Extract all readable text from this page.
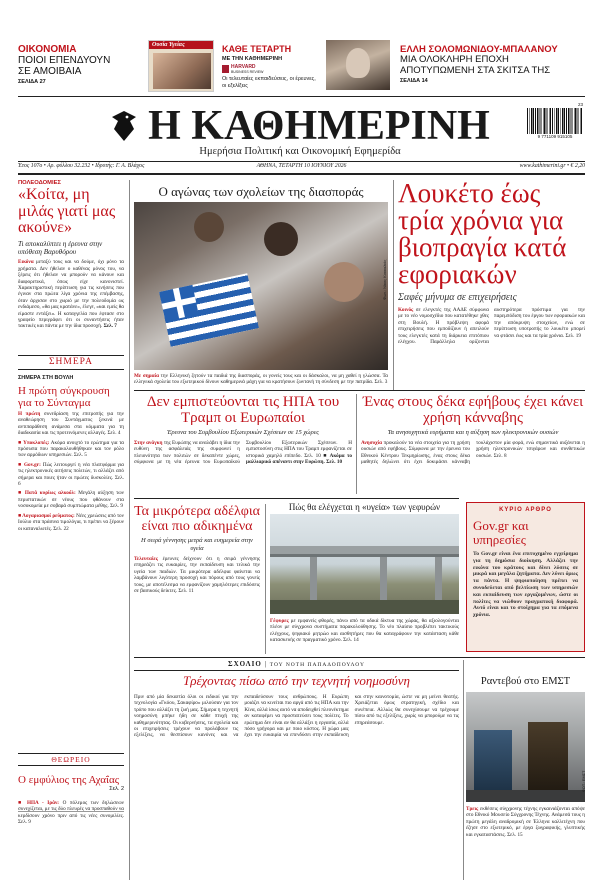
ΟΙΚΟΝΟΜΙΑ
ΠΟΙΟΙ ΕΠΕΝΔΥΟΥΝ ΣΕ ΑΜΟΙΒΑΙΑ
ΣΕΛΙΔΑ 27
Ουσία Υγείας	ΚΑΘΕ ΤΕΤΑΡΤΗ
ΜΕ ΤΗΝ ΚΑΘΗΜΕΡΙΝΗ
HARVARD
BUSINESS REVIEW
Οι τελευταίες εκπαιδεύσεις, οι έρευνες, οι εξελίξεις
ΕΛΛΗ ΣΟΛΟΜΩΝΙΔΟΥ-ΜΠΑΛΑΝΟΥ
ΜΙΑ ΟΛΟΚΛΗΡΗ ΕΠΟΧΗ ΑΠΟΤΥΠΩΜΕΝΗ ΣΤΑ ΣΚΙΤΣΑ ΤΗΣ
ΣΕΛΙΔΑ 14
Η ΚΑΘΗΜΕΡΙΝΗ	9 771109 915105
23
Ημερήσια Πολιτική και Οικονομική Εφημερίδα
Έτος 107ο • Αρ. φύλλου 32.232 • Ιδρυτής: Γ. Α. Βλάχος	ΑΘΗΝΑ, ΤΕΤΑΡΤΗ 10 ΙΟΥΝΙΟΥ 2026	www.kathimerini.gr • € 2,20
ΠΟΛΕΟΔΟΜΙΕΣ
«Κοίτα, μη μιλάς γιατί μας ακούνε»
Τι αποκαλύπτει η έρευνα στην υπόθεση Βαρυθόρου
Εικόνα μεταξύ τους και να δούμε, όχι μόνο τα χρήματα. Δεν ήθελαν ο καθένας μόνος του, να ξέρεις ότι ήθελαν να μπορούν να κάνουν και διαφορετικά, όπως είχε κανονιστεί. Χαρακτηριστική περίπτωση για τις κινήσεις που έγιναν στα πρώτα λίγα χρόνια της επέμβασης, όταν άρχισαν στο χωριό με την πολεοδομία ως ενδιάμεσο, «θα μας κρατάνε», έλεγε, «και εμείς θα είμαστε εντάξει». Η καταγγελία που έφτασε στο γραφείο περιγράφει ότι οι συναντήσεις ήταν τακτικές και πάντα με την ίδια προσοχή. Σελ. 7
ΣΗΜΕΡΑ
ΣΗΜΕΡΑ ΣΤΗ ΒΟΥΛΗ
Η πρώτη σύγκρουση για το Σύνταγμα
Η πρώτη συνεδρίαση της επιτροπής για την αναθεώρηση του Συντάγματος ξεκινά με αντιπαράθεση ανάμεσα στα κόμματα για τη διαδικασία και τις προτεινόμενες αλλαγές. Σελ. 4
■ Υποκλοπές: Ακόμα ανοιχτό το ερώτημα για τα πρόσωπα που παρακολουθήθηκαν και τον ρόλο των αρμόδιων υπηρεσιών. Σελ. 5
■ Gov.gr: Πώς λειτουργεί η νέα πλατφόρμα για τις ηλεκτρονικές αιτήσεις πολιτών, τι αλλάζει από σήμερα και ποιες ήταν οι πρώτες δυσκολίες. Σελ. 6
■ Πατά κυρίως αλκοόλ: Μεγάλη αύξηση των περιστατικών σε νέους που φθάνουν στα νοσοκομεία με σοβαρά συμπτώματα μέθης. Σελ. 9
■ Λογαριασμοί ρεύματος: Νέες χρεώσεις από τον Ιούλιο στα πράσινα τιμολόγια, τι πρέπει να ξέρουν οι καταναλωτές. Σελ. 22
ΘΕΩΡΕΙΟ
Ο εμφύλιος της Αχαΐας
Σελ. 2
■ ΗΠΑ - Ιράν: Ο πόλεμος των δηλώσεων συνεχίζεται, με τις δύο πλευρές να προσπαθούν να κερδίσουν χρόνο πριν από τις νέες συνομιλίες. Σελ. 9
Ο αγώνας των σχολείων της διασποράς
Φωτ.: Νίκος Κοκκαλιάς
Με σημαία την Ελληνική ζητούν τα παιδιά της διασποράς, οι γονείς τους και οι δάσκαλοι, να μη χαθεί η γλώσσα. Τα ελληνικά σχολεία του εξωτερικού δίνουν καθημερινά μάχη για να κρατήσουν ζωντανή τη σύνδεση με την πατρίδα. Σελ. 3
Λουκέτο έως τρία χρόνια για βιοπραγία κατά εφοριακών
Σαφές μήνυμα σε επιχειρήσεις
Κοινός σε ελεγκτές της ΑΑΔΕ σύμφωνα με το νέο νομοσχέδιο που κατατέθηκε χθες στη Βουλή. Η πρόβλεψη αφορά επιχειρήσεις που εμποδίζουν ή απειλούν τους ελεγκτές κατά τη διάρκεια επιτόπιου ελέγχου. Παράλληλα ορίζονται αυστηρότερα πρόστιμα για την παρεμπόδιση του έργου των εφοριακών και την απόκρυψη στοιχείων, ενώ σε περίπτωση υποτροπής το λουκέτο μπορεί να φτάσει έως και τα τρία χρόνια. Σελ. 19
Δεν εμπιστεύονται τις ΗΠΑ του Τραμπ οι Ευρωπαίοι
Έρευνα του Συμβουλίου Εξωτερικών Σχέσεων σε 15 χώρες
Στην ανάγκη της Ευρώπης να αναλάβει η ίδια την ευθύνη της ασφάλειάς της συμφωνεί η πλειονότητα των πολιτών σε δεκαπέντε χώρες, σύμφωνα με τη νέα έρευνα του Ευρωπαϊκού Συμβουλίου Εξωτερικών Σχέσεων. Η εμπιστοσύνη στις ΗΠΑ του Τραμπ εμφανίζεται σε ιστορικά χαμηλό επίπεδο. Σελ. 10 ■ Ακόμα το μαλλιαρικό απέναντι στην Ευρώπη. Σελ. 10
Ένας στους δέκα εφήβους έχει κάνει χρήση κάνναβης
Τα ανησυχητικά ευρήματα και η αύξηση των ηλεκτρονικών ουσιών
Ανησυχία προκαλούν τα νέα στοιχεία για τη χρήση ουσιών από εφήβους. Σύμφωνα με την έρευνα του Εθνικού Κέντρου Τεκμηρίωσης, ένας στους δέκα μαθητές δηλώνει ότι έχει δοκιμάσει κάνναβη τουλάχιστον μία φορά, ενώ σημαντικά αυξάνεται η χρήση ηλεκτρονικών τσιγάρων και συνθετικών ουσιών. Σελ. 8
Τα μικρότερα αδέλφια είναι πιο αδικημένα
Η σειρά γέννησης μετρά και ευημερεία στην υγεία
Τελευταίες έρευνες δείχνουν ότι η σειρά γέννησης επηρεάζει τις ευκαιρίες, την εκπαίδευση και τελικά την υγεία των παιδιών. Τα μικρότερα αδέλφια φαίνεται να λαμβάνουν λιγότερη προσοχή και πόρους από τους γονείς τους, με αποτέλεσμα να εμφανίζουν χαμηλότερες επιδόσεις σε βασικούς δείκτες. Σελ. 11
Πώς θα ελέγχεται η «υγεία» των γεφυρών
Γέφυρες με εμφανείς φθορές, πάνω από τα οδικά δίκτυα της χώρας, θα αξιολογούνται πλέον με σύγχρονα συστήματα παρακολούθησης. Το νέο πλαίσιο προβλέπει τακτικούς ελέγχους, ψηφιακό μητρώο και αισθητήρες που θα καταγράφουν την κατάσταση κάθε κατασκευής σε πραγματικό χρόνο. Σελ. 14
ΚΥΡΙΟ ΑΡΘΡΟ
Gov.gr και υπηρεσίες
Το Gov.gr είναι ένα επιτυχημένο εγχείρημα για τη δημόσια διοίκηση. Αλλάζει την εικόνα του κράτους και δίνει λύσεις σε μικρά και μεγάλα ζητήματα. Δεν λύνει όμως τα πάντα. Η ψηφιοποίηση πρέπει να συνοδεύεται από βελτίωση των υπηρεσιών και εκπαίδευση των εργαζομένων, ώστε οι πολίτες να νιώθουν πραγματική διαφορά. Αυτό είναι και το στοίχημα για τα επόμενα χρόνια.
ΣΧΟΛΙΟ | ΤΟΥ ΝΟΤΗ ΠΑΠΑΔΟΠΟΥΛΟΥ
Τρέχοντας πίσω από την τεχνητή νοημοσύνη
Πριν από μία δεκαετία όλοι οι ειδικοί για την τεχνολογία «Γκόου, Σακαφίρο» μιλούσαν για τον τρόπο που αλλάζει τη ζωή μας. Σήμερα η τεχνητή νοημοσύνη μπήκε ήδη σε κάθε πτυχή της καθημερινότητας. Οι κυβερνήσεις, τα σχολεία και οι επιχειρήσεις τρέχουν να προλάβουν τις εξελίξεις, να θεσπίσουν κανόνες και να εκπαιδεύσουν τους ανθρώπους. Η Ευρώπη μοιάζει να κινείται πιο αργά από τις ΗΠΑ και την Κίνα, αλλά ίσως αυτό να αποδειχθεί πλεονέκτημα αν καταφέρει να προστατεύσει τους πολίτες. Το ερώτημα δεν είναι αν θα αλλάξει η εργασία, αλλά πόσο γρήγορα και με ποιο κόστος. Η χώρα μας έχει την ευκαιρία να επενδύσει στην εκπαίδευση και στην καινοτομία, ώστε να μη μείνει θεατής. Χρειάζεται όμως στρατηγική, σχέδιο και συνέπεια. Αλλιώς θα συνεχίσουμε να τρέχουμε πίσω από τις εξελίξεις, χωρίς να μπορούμε να τις επηρεάσουμε.
Ραντεβού στο ΕΜΣΤ
ΦΩΤ.: ΕΜΣΤ
Τρεις εκθέσεις σύγχρονης τέχνης εγκαινιάζονται απόψε στο Εθνικό Μουσείο Σύγχρονης Τέχνης. Ανάμεσά τους η πρώτη μεγάλη αναδρομική σε Έλληνα καλλιτέχνη που έζησε στο εξωτερικό, με έργα ζωγραφικής, γλυπτικής και εγκαταστάσεις. Σελ. 15
